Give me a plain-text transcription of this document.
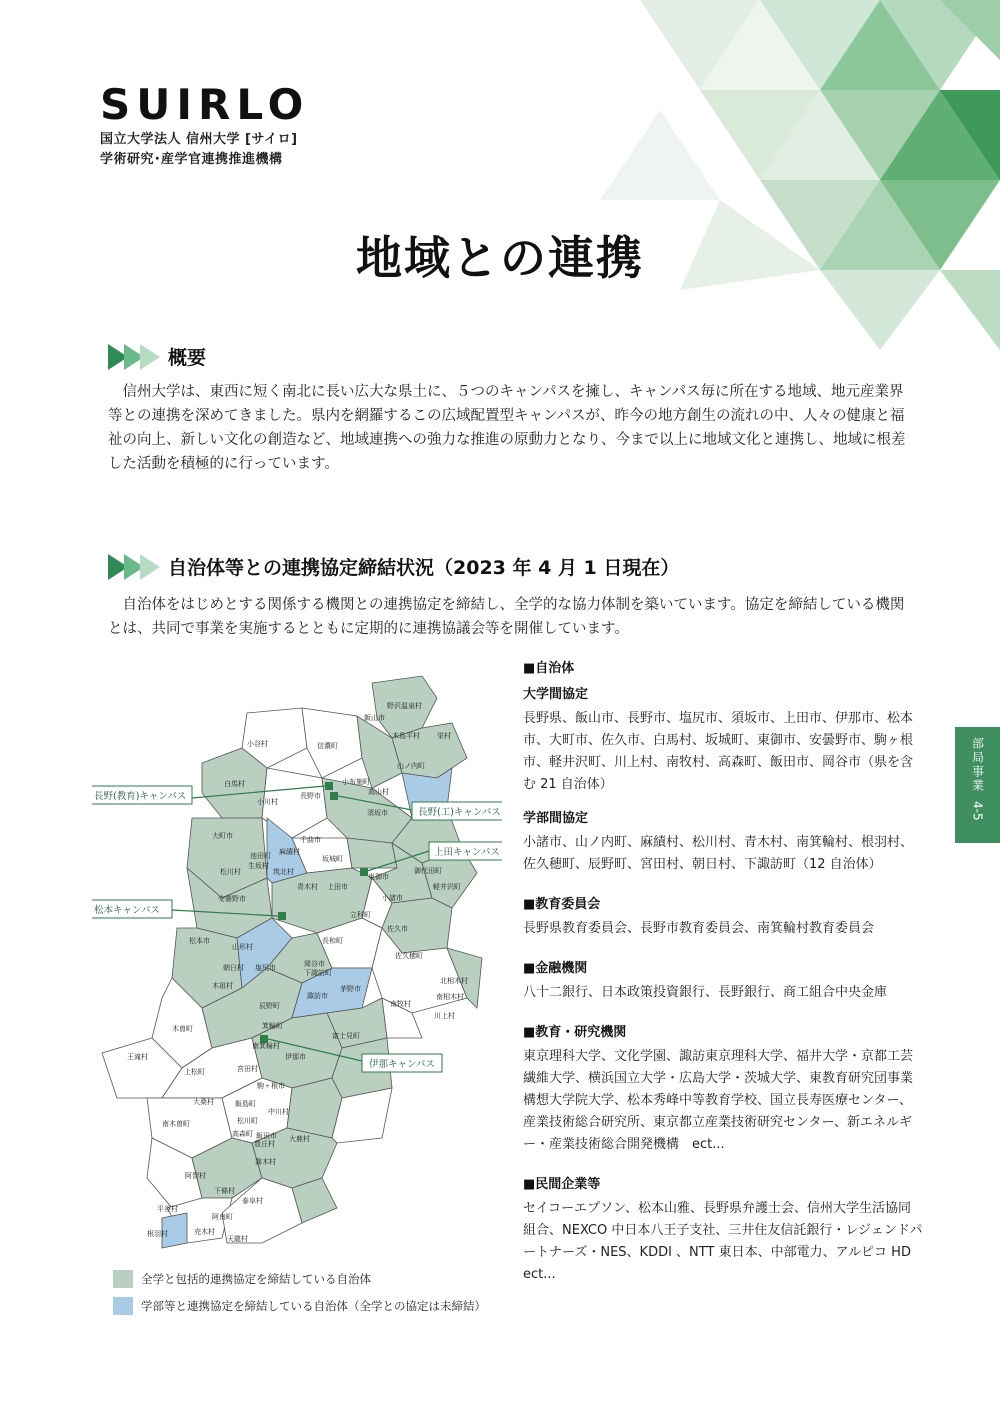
SUIRLO
国立大学法人 信州大学 [サイロ]
学術研究･産学官連携推進機構
地域との連携
部局事業
4-5
概要
信州大学は、東西に短く南北に長い広大な県土に、５つのキャンパスを擁し、キャンパス毎に所在する地域、地元産業界等との連携を深めてきました。県内を網羅するこの広域配置型キャンパスが、昨今の地方創生の流れの中、人々の健康と福祉の向上、新しい文化の創造など、地域連携への強力な推進の原動力となり、今まで以上に地域文化と連携し、地域に根差した活動を積極的に行っています。
自治体等との連携協定締結状況（2023 年 4 月 1 日現在）
自治体をはじめとする関係する機関との連携協定を締結し、全学的な協力体制を築いています。協定を締結している機関とは、共同で事業を実施するとともに定期的に連携協議会等を開催しています。
長野(教育)キャンパス
長野(工)キャンパス
上田キャンパス
松本キャンパス
伊那キャンパス
野沢温泉村
飯山市
木島平村 栄村
小谷村	信濃町
山ノ内町
白馬村	小布施町
高山村
長野市
須坂市
小川村
大町市	千曲市
麻績村
坂城町
松川村
東御市
青木村 上田市	軽井沢町
安曇野市
立科町
小諸市
長和町
佐久市
松本市
山形村
朝日村 塩尻市
下諏訪町
佐久穂町
北相木村
南相木村
辰野町
茅野市
南牧村
川上村
木曽町	箕輪町
富士見町
南箕輪村
伊那市
王滝村
上松町	宮田村
駒ヶ根市
大桑村	飯島町
中川村
南木曽町	松川町
大鹿村
豊丘村
高森町
喬木村
阿智村
下條村
泰阜村
平谷村
阿南町
根羽村	売木村
天龍村
飯田市
木祖村
池田町
生坂村
筑北村	御代田町
岡谷市
諏訪市
全学と包括的連携協定を締結している自治体
学部等と連携協定を締結している自治体（全学との協定は未締結）
■自治体
大学間協定
長野県、飯山市、長野市、塩尻市、須坂市、上田市、伊那市、松本市、大町市、佐久市、白馬村、坂城町、東御市、安曇野市、駒ヶ根市、軽井沢町、川上村、南牧村、高森町、飯田市、岡谷市（県を含む 21 自治体）
学部間協定
小諸市、山ノ内町、麻績村、松川村、青木村、南箕輪村、根羽村、佐久穂町、辰野町、宮田村、朝日村、下諏訪町（12 自治体）
■教育委員会
長野県教育委員会、長野市教育委員会、南箕輪村教育委員会
■金融機関
八十二銀行、日本政策投資銀行、長野銀行、商工組合中央金庫
■教育・研究機関
東京理科大学、文化学園、諏訪東京理科大学、福井大学・京都工芸繊維大学、横浜国立大学・広島大学・茨城大学、東教育研究団事業構想大学院大学、松本秀峰中等教育学校、国立長寿医療センター、産業技術総合研究所、東京都立産業技術研究センター、新エネルギー・産業技術総合開発機構　ect...
■民間企業等
セイコーエプソン、松本山雅、長野県弁護士会、信州大学生活協同組合、NEXCO 中日本八王子支社、三井住友信託銀行・レジェンドパートナーズ・NES、KDDI 、NTT 東日本、中部電力、アルピコ HD　ect...
